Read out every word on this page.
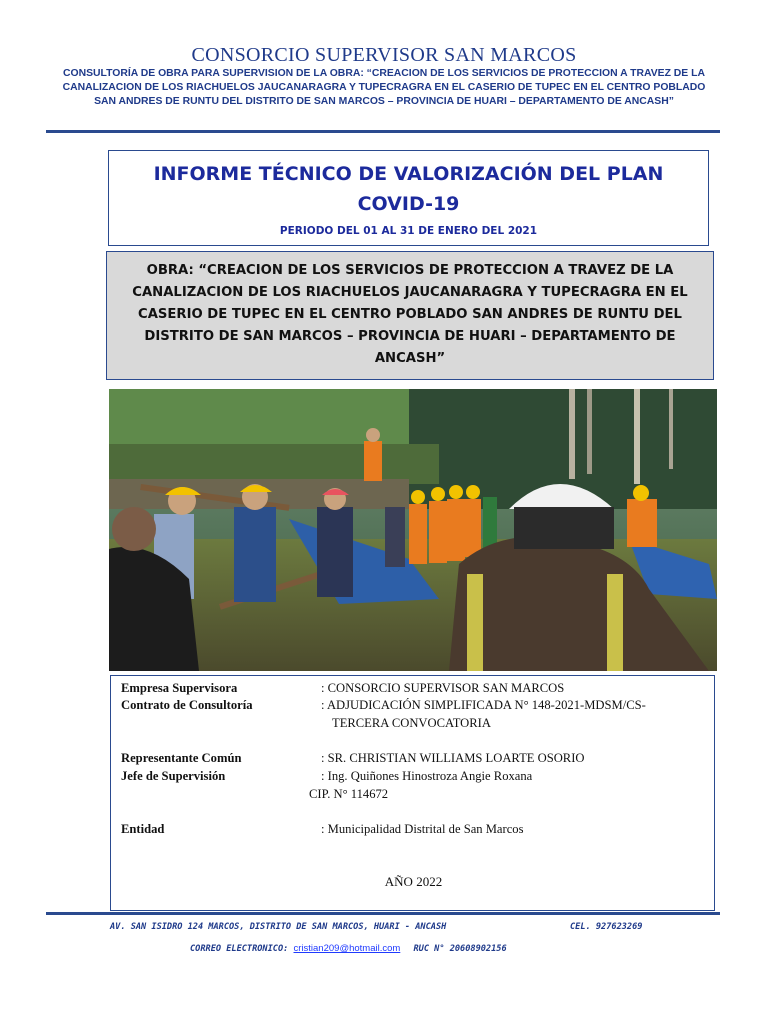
CONSORCIO SUPERVISOR SAN MARCOS
CONSULTORÍA DE OBRA PARA SUPERVISION DE LA OBRA: “CREACION DE LOS SERVICIOS DE PROTECCION A TRAVEZ DE LA CANALIZACION DE LOS RIACHUELOS JAUCANARAGRA Y TUPECRAGRA EN EL CASERIO DE TUPEC EN EL CENTRO POBLADO SAN ANDRES DE RUNTU DEL DISTRITO DE SAN MARCOS – PROVINCIA DE HUARI – DEPARTAMENTO DE ANCASH”
INFORME TÉCNICO DE VALORIZACIÓN DEL PLAN COVID-19
PERIODO DEL 01 AL 31 DE ENERO DEL 2021
OBRA: “CREACION DE LOS SERVICIOS DE PROTECCION A TRAVEZ DE LA CANALIZACION DE LOS RIACHUELOS JAUCANARAGRA Y TUPECRAGRA EN EL CASERIO DE TUPEC EN EL CENTRO POBLADO SAN ANDRES DE RUNTU DEL DISTRITO DE SAN MARCOS – PROVINCIA DE HUARI – DEPARTAMENTO DE ANCASH”
Empresa Supervisora	: CONSORCIO SUPERVISOR SAN MARCOS
Contrato de Consultoría	: ADJUDICACIÓN SIMPLIFICADA N° 148-2021-MDSM/CS-
TERCERA CONVOCATORIA
Representante Común	: SR. CHRISTIAN WILLIAMS LOARTE OSORIO
Jefe de Supervisión	: Ing. Quiñones Hinostroza Angie Roxana
CIP. N° 114672
Entidad	: Municipalidad Distrital de San Marcos
AÑO 2022
AV. SAN ISIDRO 124 MARCOS, DISTRITO DE SAN MARCOS, HUARI - ANCASH	CEL. 927623269
CORREO ELECTRONICO: cristian209@hotmail.com RUC N° 20608902156
